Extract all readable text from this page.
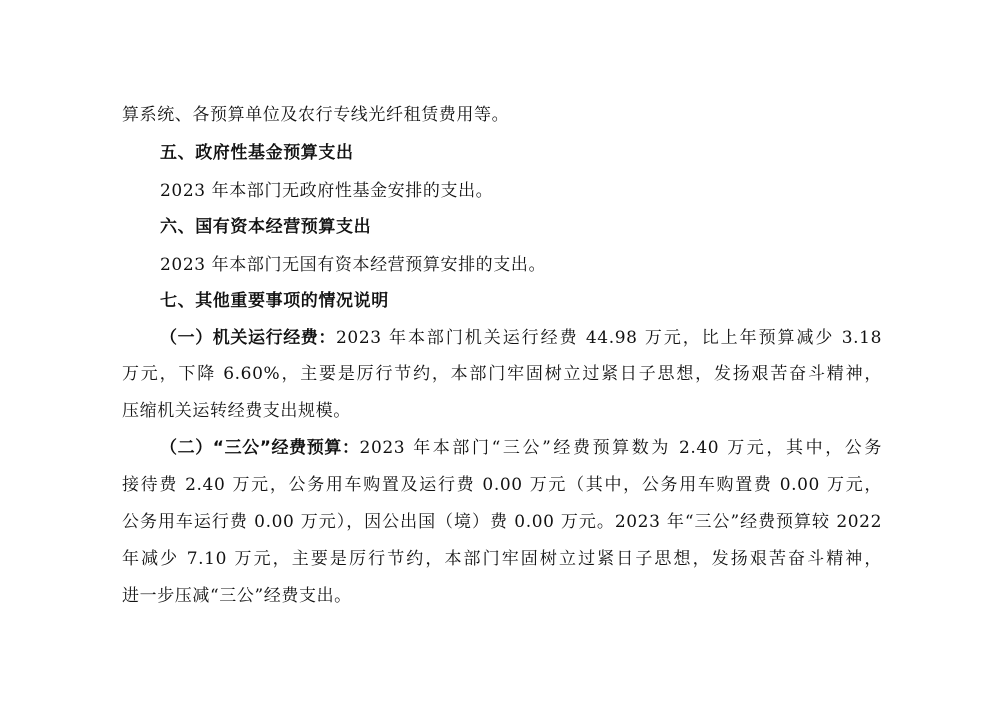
算系统、各预算单位及农行专线光纤租赁费用等。
五、政府性基金预算支出
2023 年本部门无政府性基金安排的支出。
六、国有资本经营预算支出
2023 年本部门无国有资本经营预算安排的支出。
七、其他重要事项的情况说明
（一）机关运行经费： 2023 年本部门机关运行经费 44.98 万元，比上年预算减少 3.18
万元，下降 6.60%，主要是厉行节约，本部门牢固树立过紧日子思想，发扬艰苦奋斗精神，
压缩机关运转经费支出规模。
（二）“三公”经费预算： 2023 年本部门“三公”经费预算数为 2.40 万元，其中，公务
接待费 2.40 万元，公务用车购置及运行费 0.00 万元（其中，公务用车购置费 0.00 万元，
公务用车运行费 0.00 万元），因公出国（境）费 0.00 万元。2023 年“三公”经费预算较 2022
年减少 7.10 万元，主要是厉行节约，本部门牢固树立过紧日子思想，发扬艰苦奋斗精神，
进一步压减“三公”经费支出。
